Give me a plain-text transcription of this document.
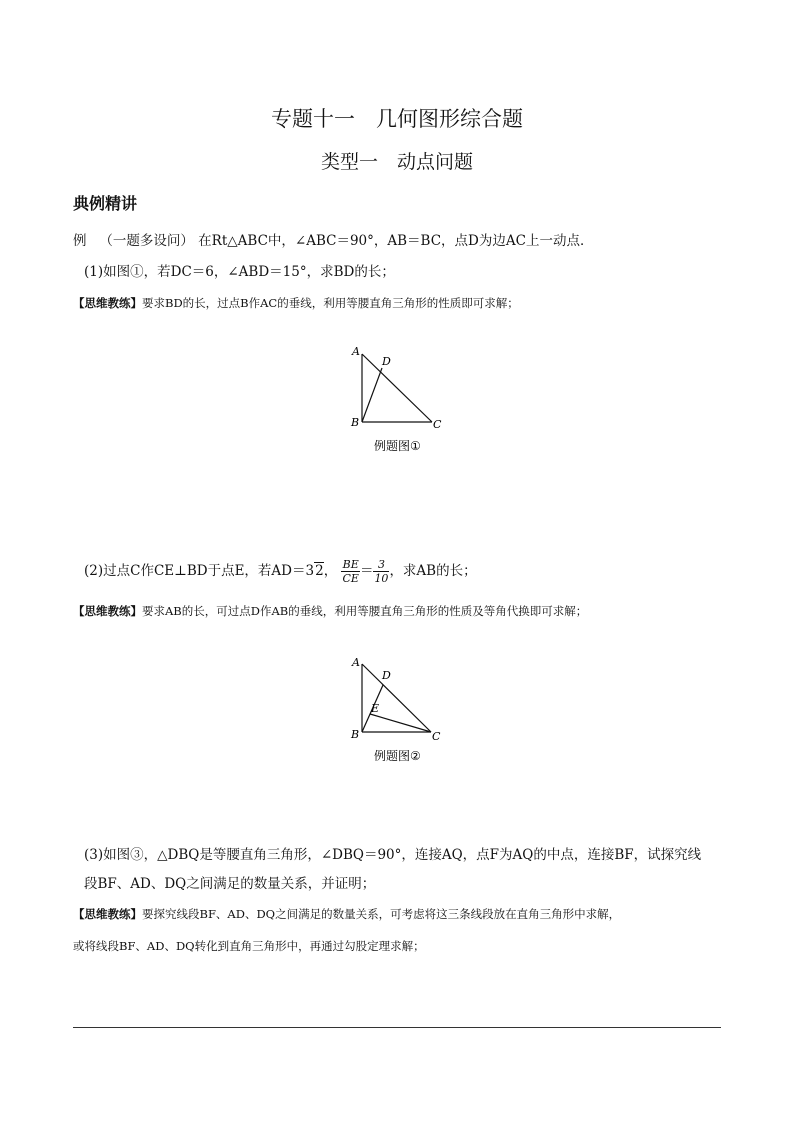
专题十一　几何图形综合题
类型一　动点问题
典例精讲
例 （一题多设问） 在Rt△ABC中，∠ABC＝90°，AB＝BC，点D为边AC上一动点．
(1)如图①，若DC＝6，∠ABD＝15°，求BD的长；
【思维教练】要求BD的长，过点B作AC的垂线，利用等腰直角三角形的性质即可求解；
A
D
B	C
例题图①
(2)过点C作CE⊥BD于点E，若AD＝32， $\frac{BE}{CE} = \frac{3}{10}$ ，求AB的长；
【思维教练】要求AB的长，可过点D作AB的垂线，利用等腰直角三角形的性质及等角代换即可求解；
A
D
E
B	C
例题图②
(3)如图③，△DBQ是等腰直角三角形，∠DBQ＝90°，连接AQ，点F为AQ的中点，连接BF，试探究线
段BF、AD、DQ之间满足的数量关系，并证明；
【思维教练】要探究线段BF、AD、DQ之间满足的数量关系，可考虑将这三条线段放在直角三角形中求解，
或将线段BF、AD、DQ转化到直角三角形中，再通过勾股定理求解；
